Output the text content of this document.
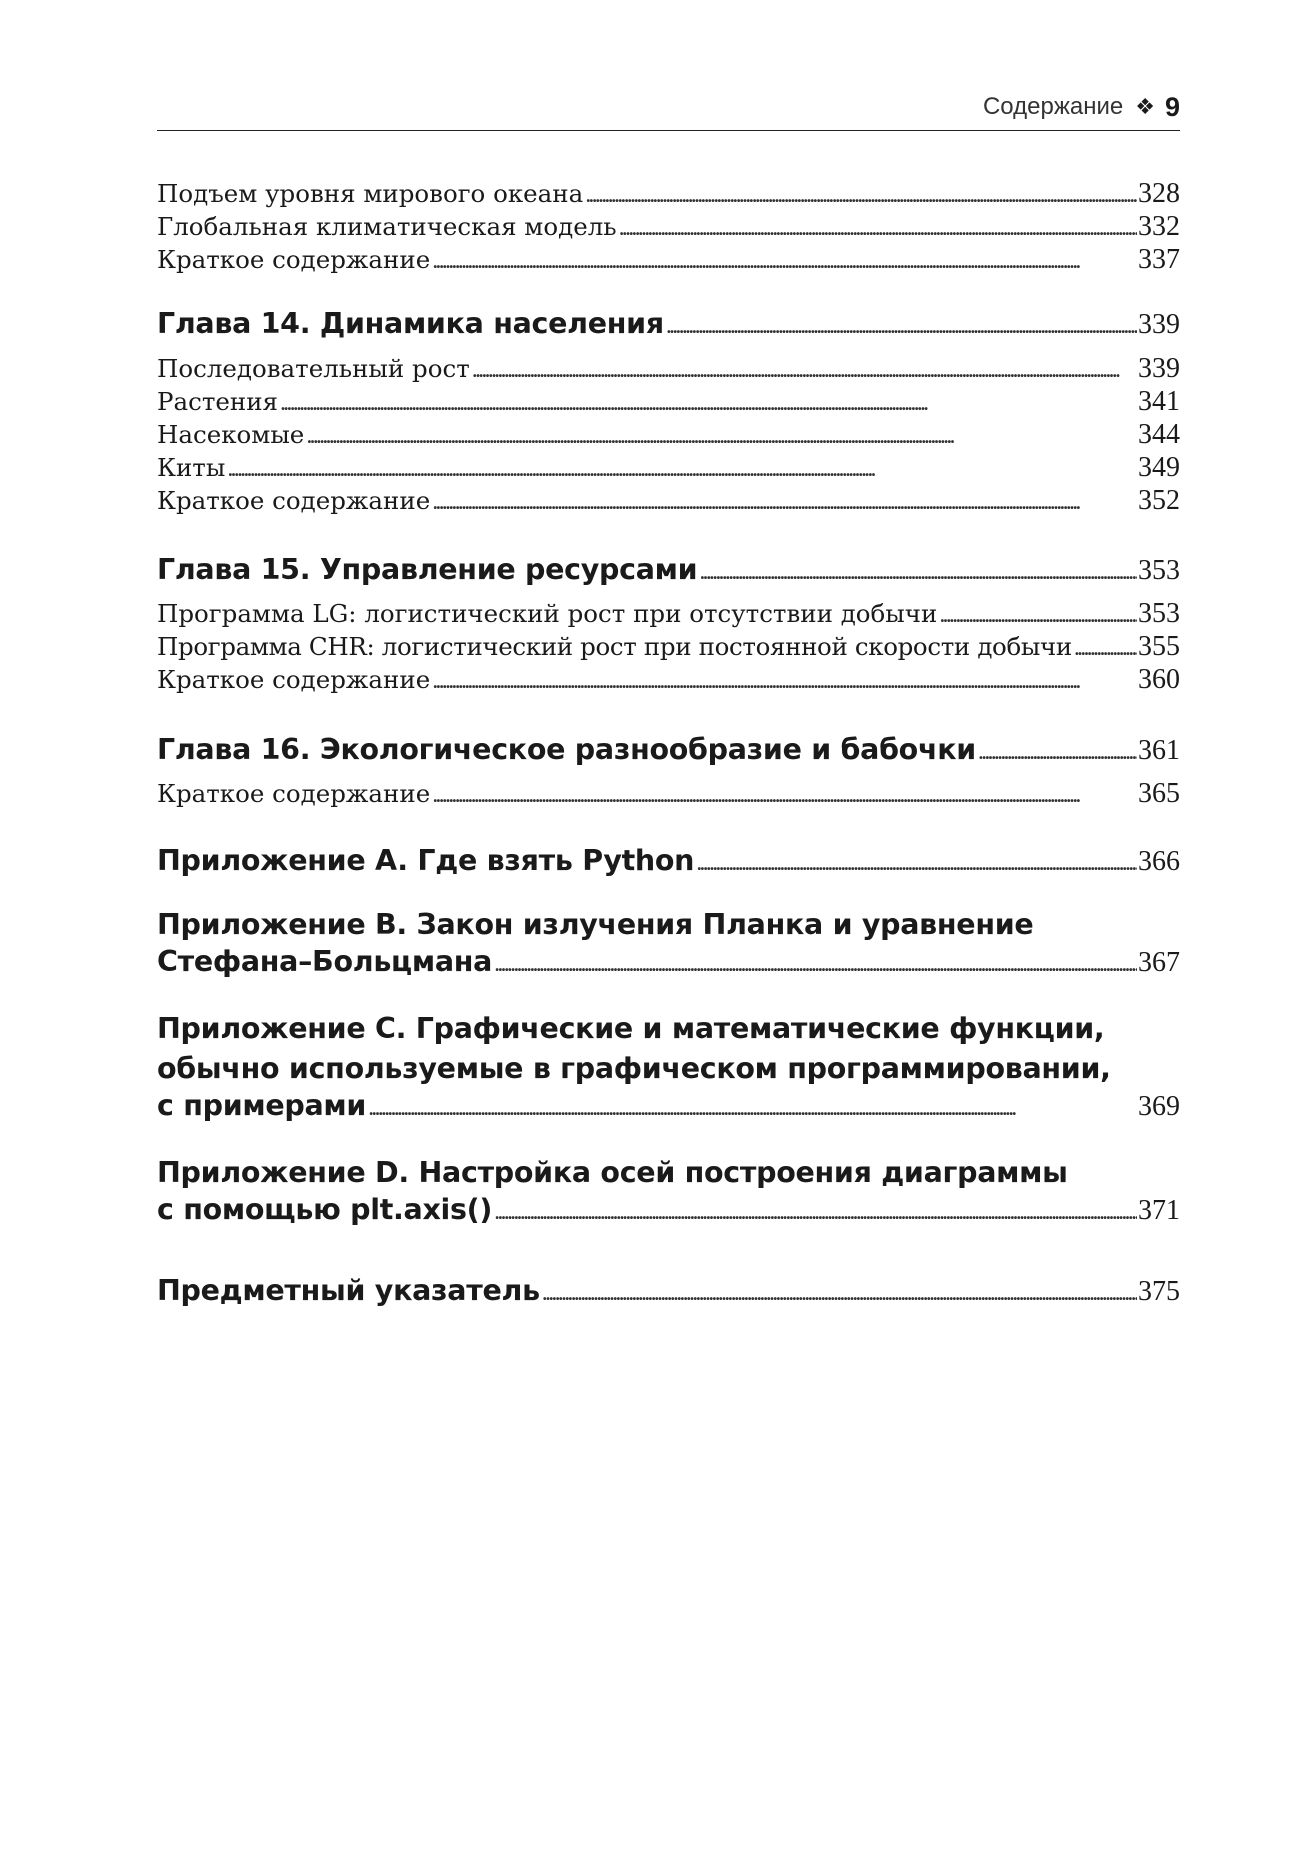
Содержание ❖ 9
Подъем уровня мирового океана . . .	328
Глобальная климатическая модель . . .	332
Краткое содержание . . .	337
Глава 14. Динамика населения . . .	339
Последовательный рост . . .	339
Растения . . .	341
Насекомые . . .	344
Киты . . .	349
Краткое содержание . . .	352
Глава 15. Управление ресурсами . . .	353
Программа LG: логистический рост при отсутствии добычи . . .	353
Программа CHR: логистический рост при постоянной скорости добычи . . . 355
Краткое содержание . . .	360
Глава 16. Экологическое разнообразие и бабочки . . .	361
Краткое содержание . . .	365
Приложение A. Где взять Python . . .	366
Приложение B. Закон излучения Планка и уравнение
Стефана–Больцмана . . .	367
Приложение C. Графические и математические функции,
обычно используемые в графическом программировании,
с примерами . . .	369
Приложение D. Настройка осей построения диаграммы
с помощью plt.axis() . . .	371
Предметный указатель . . .	375
